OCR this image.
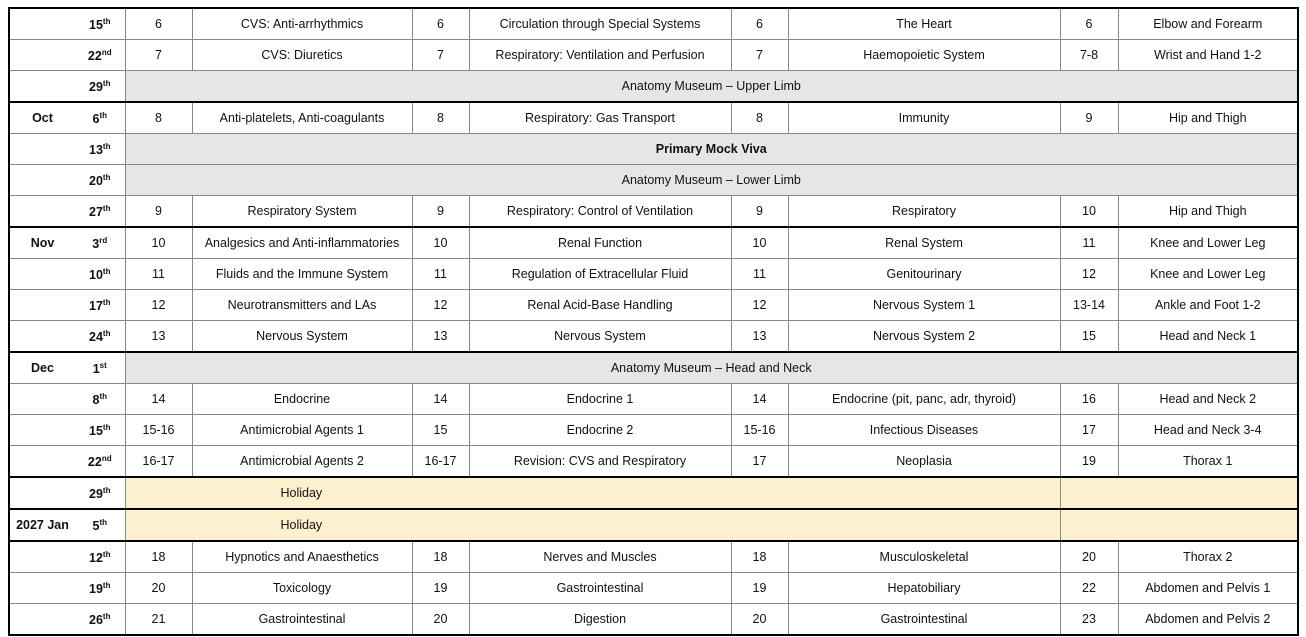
	15th	6	CVS: Anti-arrhythmics	6	Circulation through Special Systems	6	The Heart	6	Elbow and Forearm
	22nd	7	CVS: Diuretics	7	Respiratory: Ventilation and Perfusion	7	Haemopoietic System	7-8	Wrist and Hand 1-2
	29th	Anatomy Museum – Upper Limb							
Oct	6th	8	Anti-platelets, Anti-coagulants	8	Respiratory: Gas Transport	8	Immunity	9	Hip and Thigh
	13th	Primary Mock Viva							
	20th	Anatomy Museum – Lower Limb							
	27th	9	Respiratory System	9	Respiratory: Control of Ventilation	9	Respiratory	10	Hip and Thigh
Nov	3rd	10	Analgesics and Anti-inflammatories	10	Renal Function	10	Renal System	11	Knee and Lower Leg
	10th	11	Fluids and the Immune System	11	Regulation of Extracellular Fluid	11	Genitourinary	12	Knee and Lower Leg
	17th	12	Neurotransmitters and LAs	12	Renal Acid-Base Handling	12	Nervous System 1	13-14	Ankle and Foot 1-2
	24th	13	Nervous System	13	Nervous System	13	Nervous System 2	15	Head and Neck 1
Dec	1st	Anatomy Museum – Head and Neck							
	8th	14	Endocrine	14	Endocrine 1	14	Endocrine (pit, panc, adr, thyroid)	16	Head and Neck 2
	15th	15-16	Antimicrobial Agents 1	15	Endocrine 2	15-16	Infectious Diseases	17	Head and Neck 3-4
	22nd	16-17	Antimicrobial Agents 2	16-17	Revision: CVS and Respiratory	17	Neoplasia	19	Thorax 1
	29th	Holiday							
2027 Jan	5th	Holiday							
	12th	18	Hypnotics and Anaesthetics	18	Nerves and Muscles	18	Musculoskeletal	20	Thorax 2
	19th	20	Toxicology	19	Gastrointestinal	19	Hepatobiliary	22	Abdomen and Pelvis 1
	26th	21	Gastrointestinal	20	Digestion	20	Gastrointestinal	23	Abdomen and Pelvis 2
